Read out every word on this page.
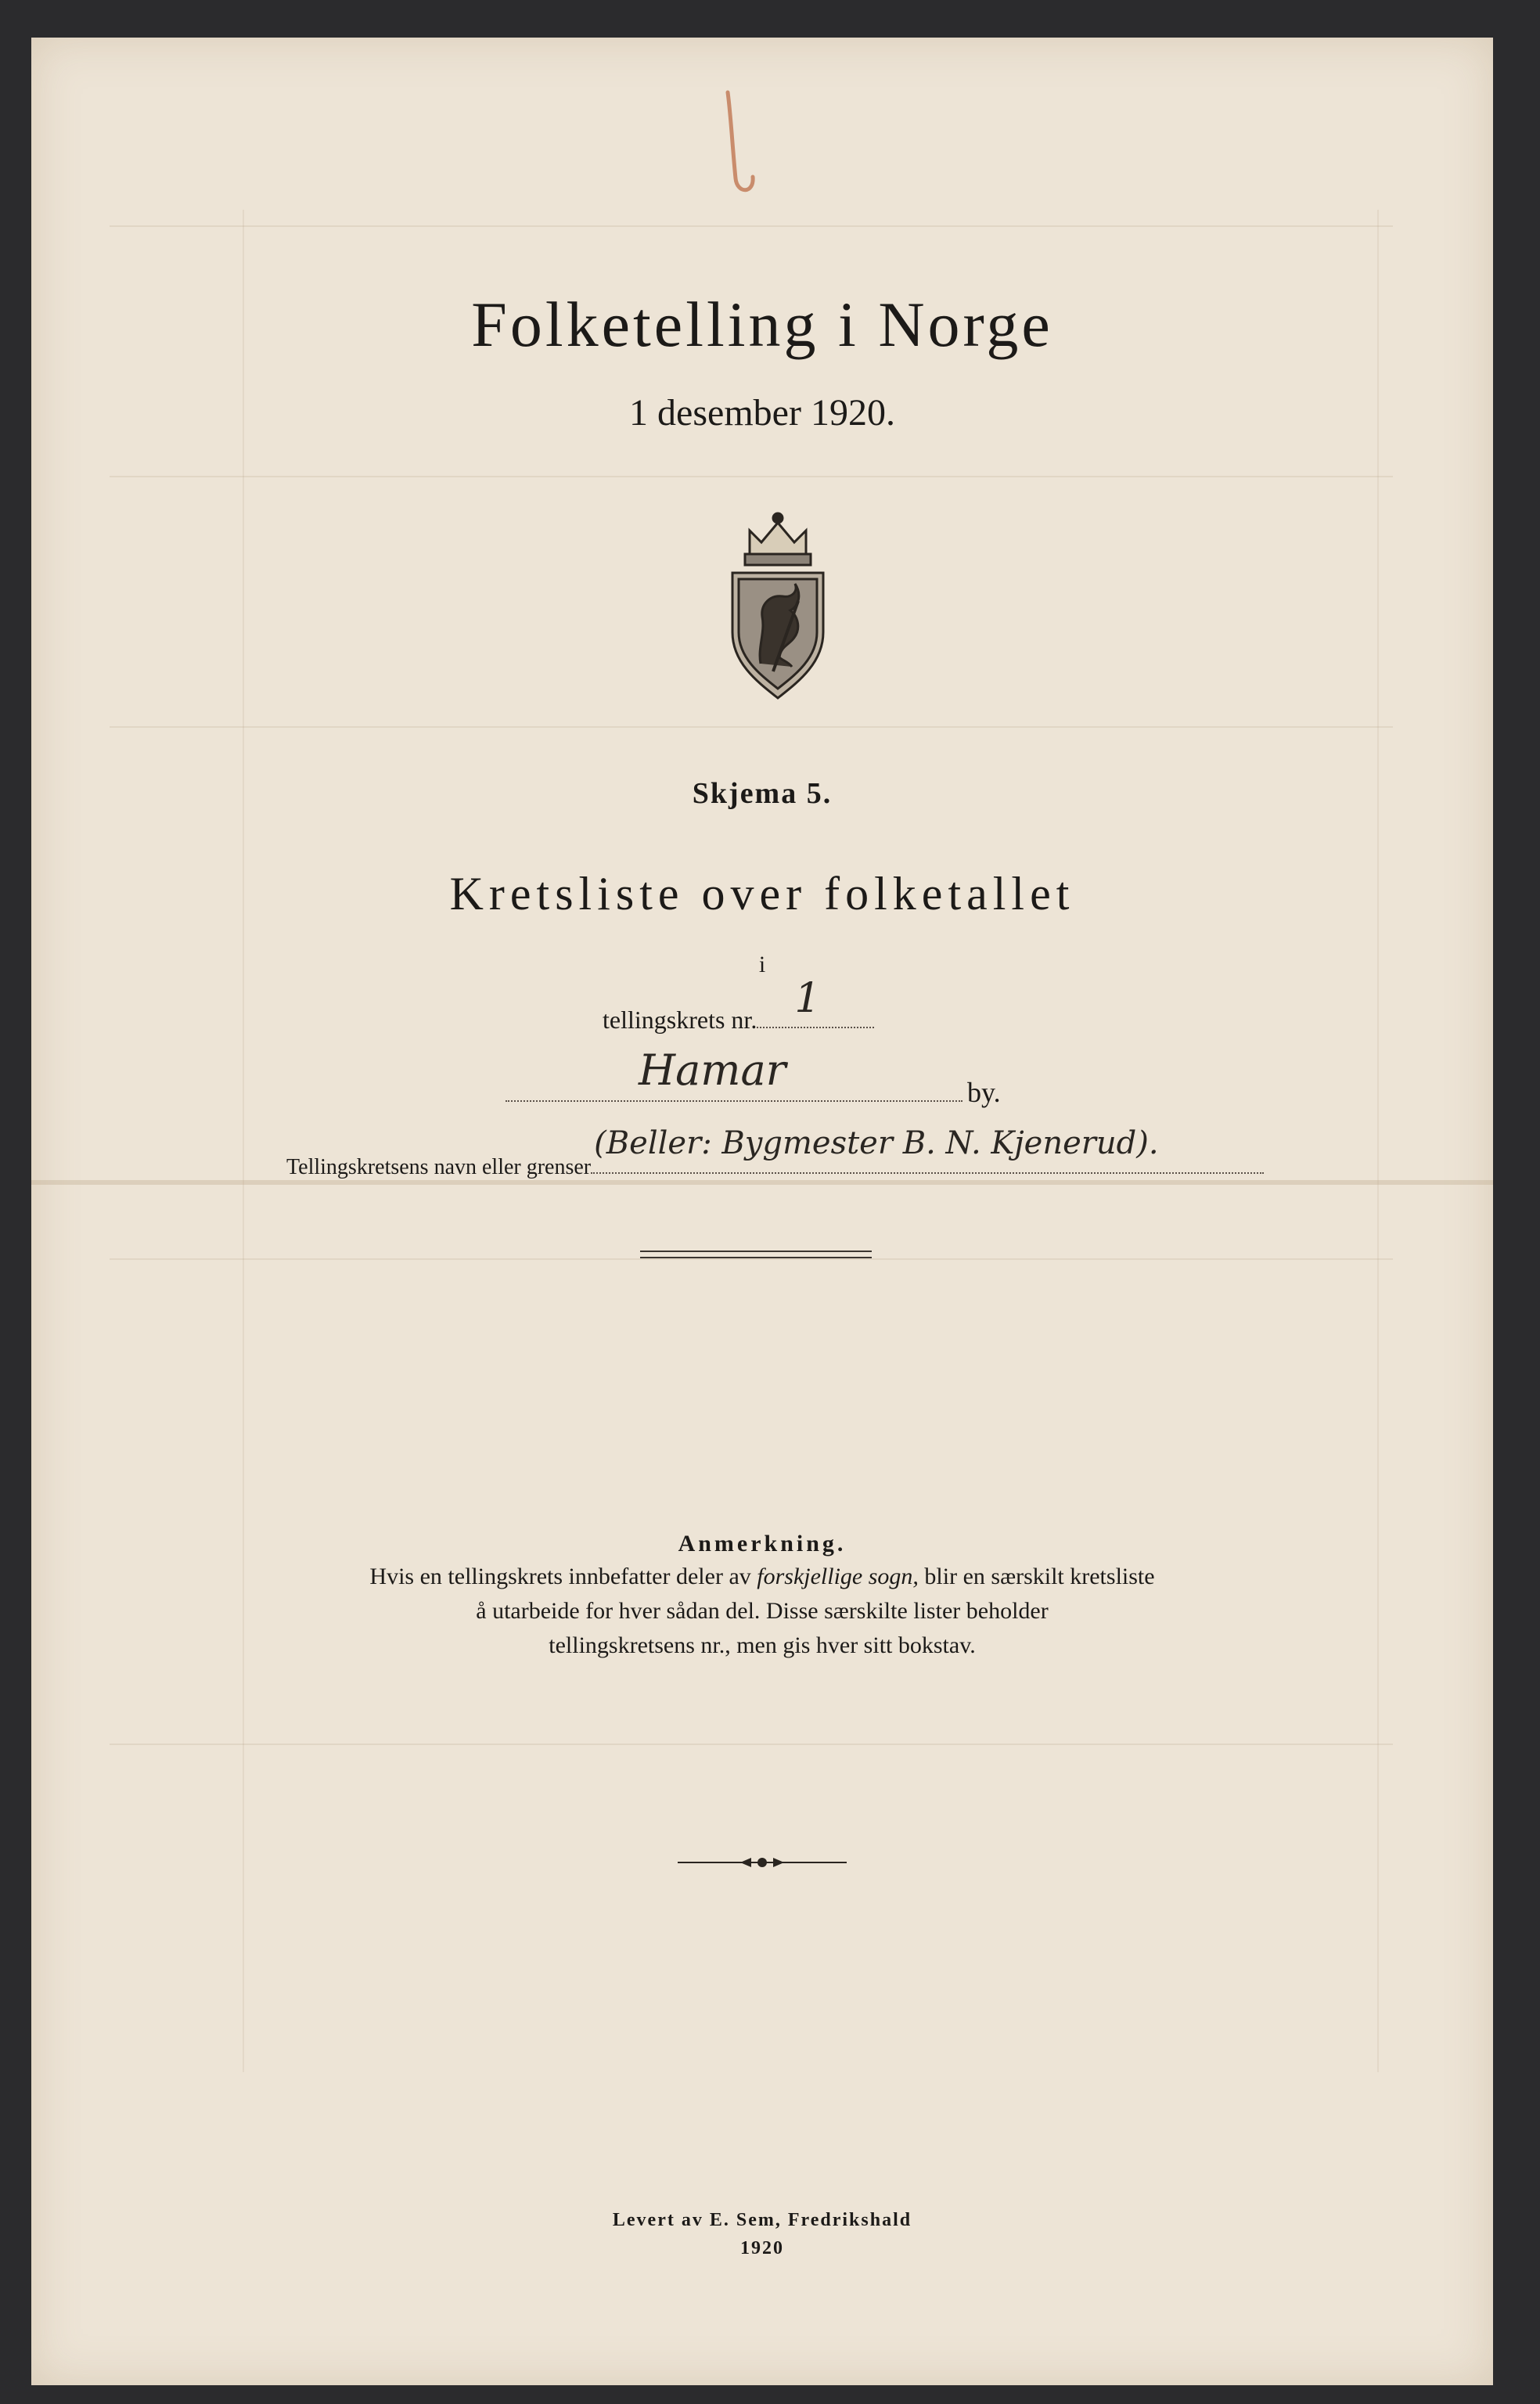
Folketelling i Norge
1 desember 1920.
Skjema 5.
Kretsliste over folketallet
i
tellingskrets nr. 1
Hamar	by.
Tellingskretsens navn eller grenser
(Beller: Bygmester B. N. Kjenerud).
Anmerkning.
Hvis en tellingskrets innbefatter deler av forskjellige sogn, blir en særskilt kretsliste
å utarbeide for hver sådan del. Disse særskilte lister beholder
tellingskretsens nr., men gis hver sitt bokstav.
Levert av E. Sem, Fredrikshald
1920
